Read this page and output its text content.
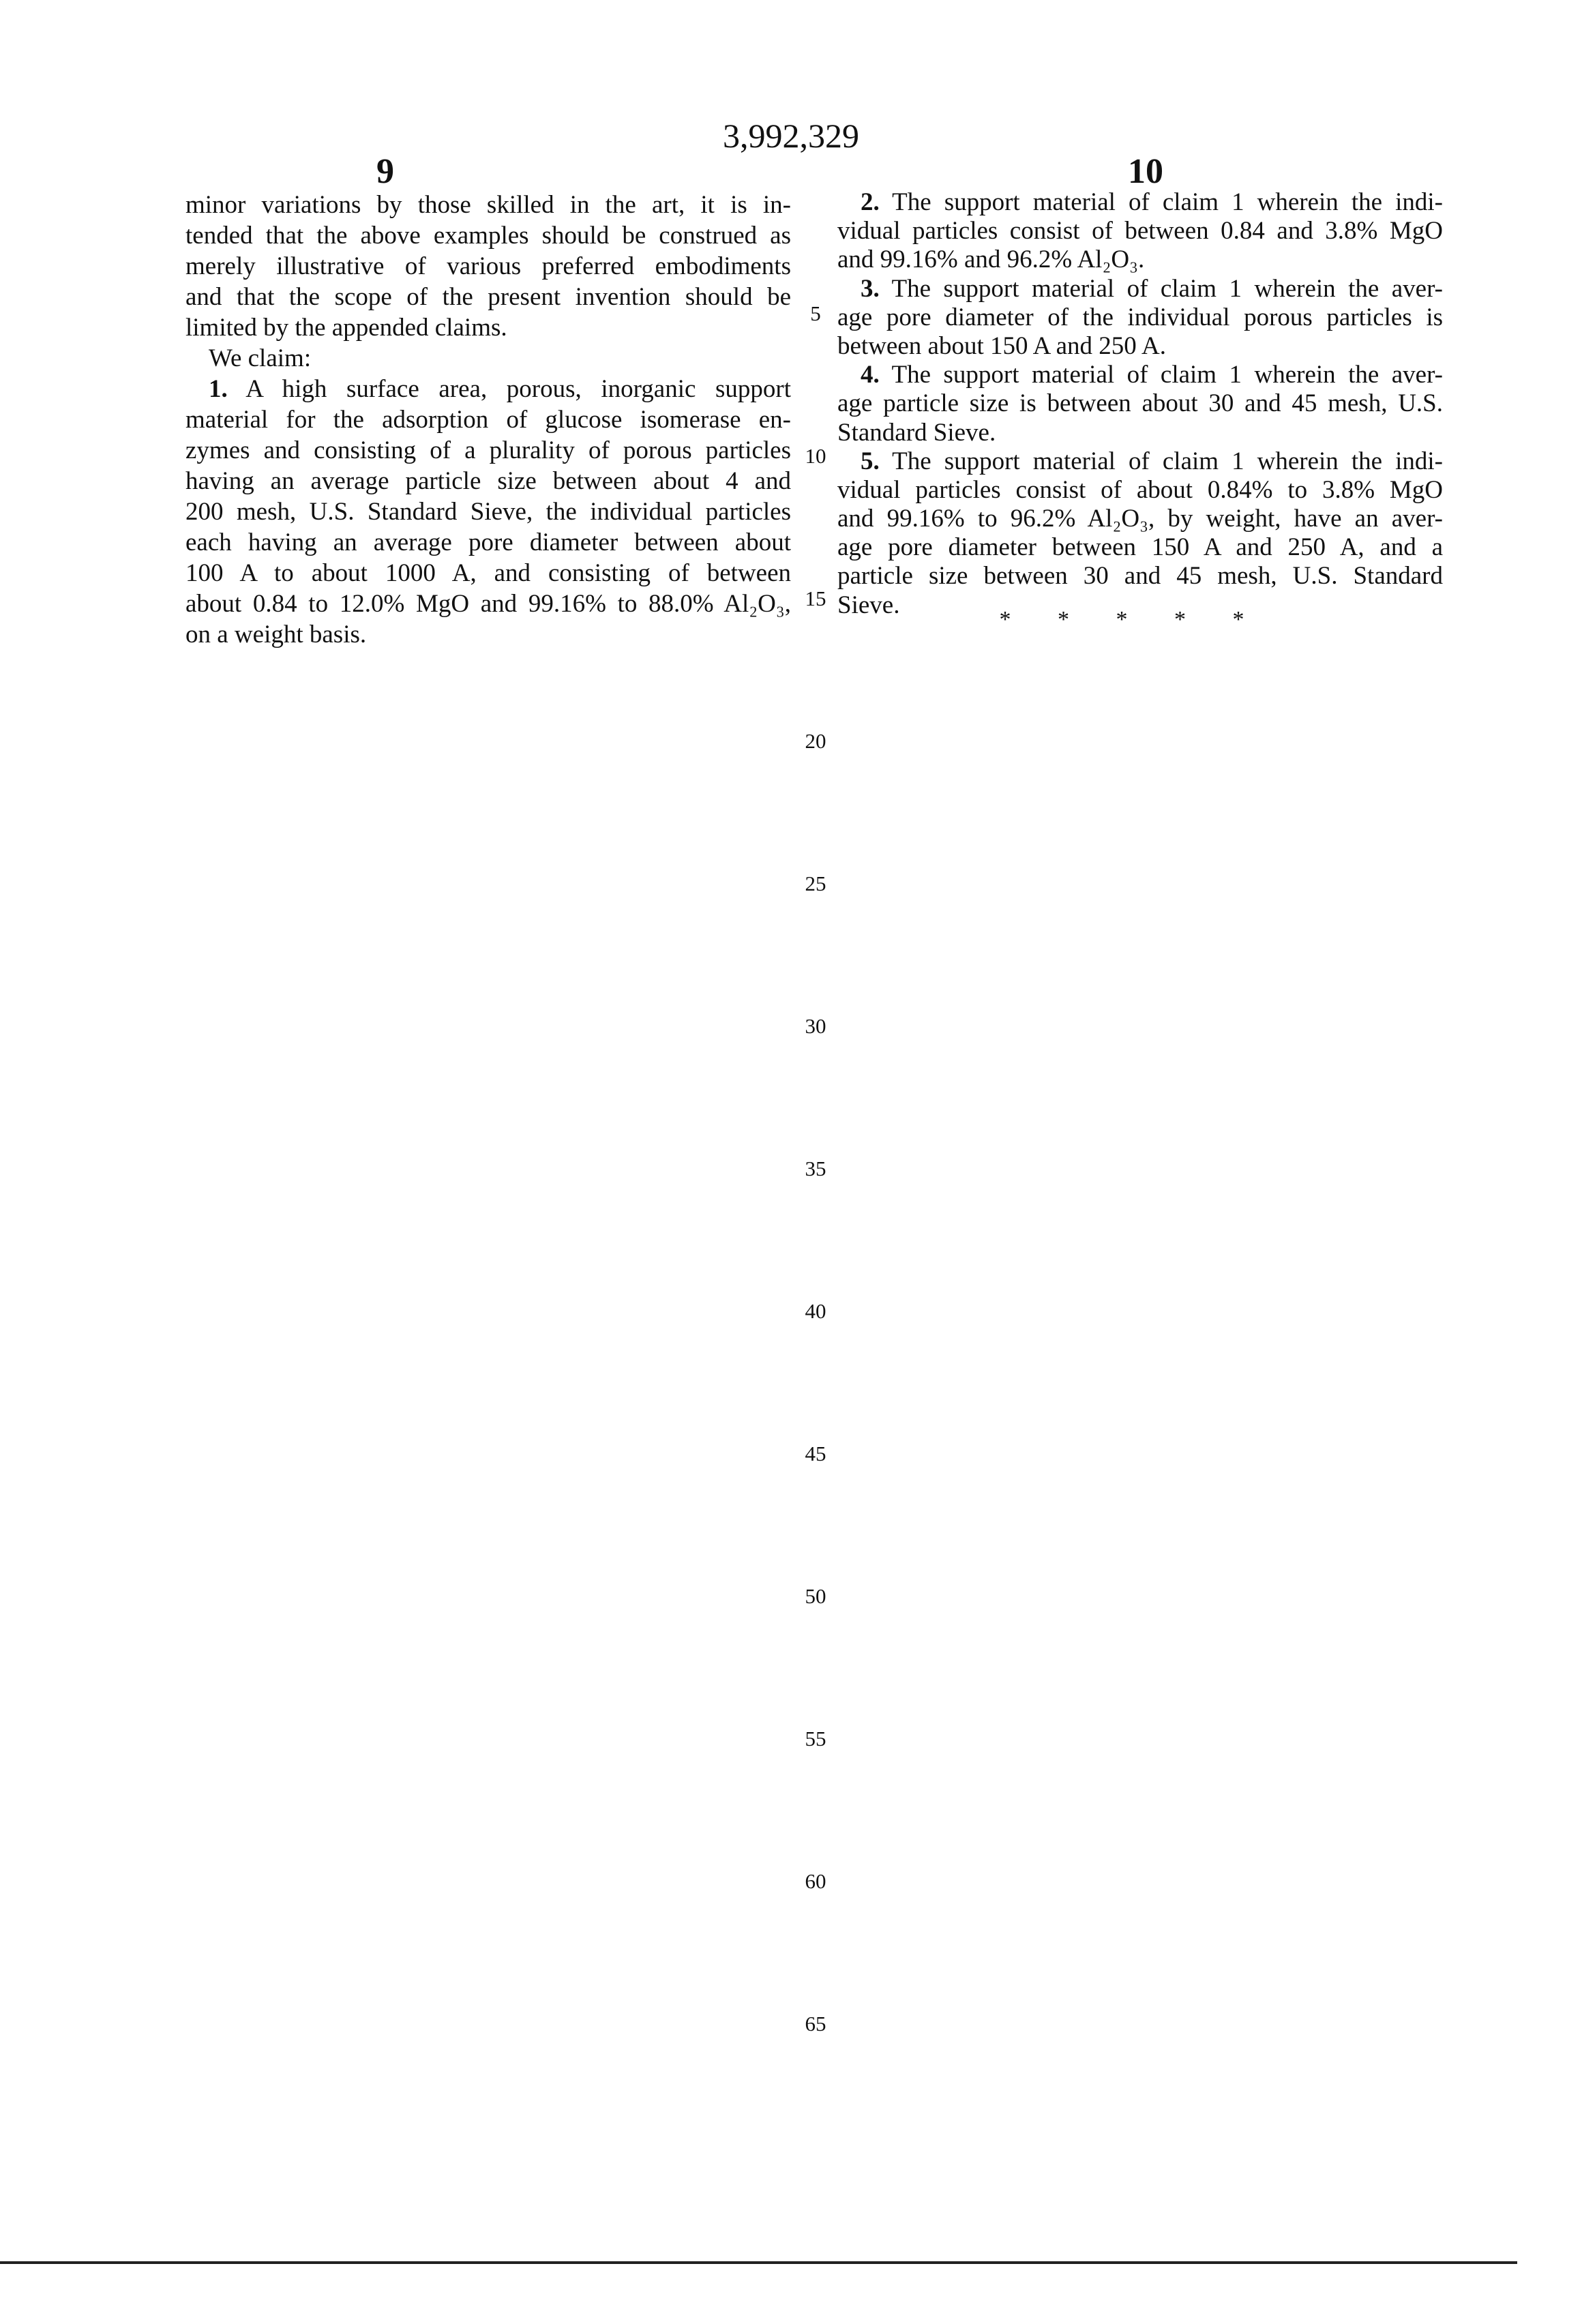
3,992,329
9	10
minor variations by those skilled in the art, it is in-
tended that the above examples should be construed as
merely illustrative of various preferred embodiments
and that the scope of the present invention should be
limited by the appended claims.
We claim:
1. A high surface area, porous, inorganic support
material for the adsorption of glucose isomerase en-
zymes and consisting of a plurality of porous particles
having an average particle size between about 4 and
200 mesh, U.S. Standard Sieve, the individual particles
each having an average pore diameter between about
100 A to about 1000 A, and consisting of between
about 0.84 to 12.0% MgO and 99.16% to 88.0% Al₂O₃,
on a weight basis.
2. The support material of claim 1 wherein the indi-
vidual particles consist of between 0.84 and 3.8% MgO
and 99.16% and 96.2% Al₂O₃.
3. The support material of claim 1 wherein the aver-
age pore diameter of the individual porous particles is
between about 150 A and 250 A.
4. The support material of claim 1 wherein the aver-
age particle size is between about 30 and 45 mesh, U.S.
Standard Sieve.
5. The support material of claim 1 wherein the indi-
vidual particles consist of about 0.84% to 3.8% MgO
and 99.16% to 96.2% Al₂O₃, by weight, have an aver-
age pore diameter between 150 A and 250 A, and a
particle size between 30 and 45 mesh, U.S. Standard
Sieve.
5
10
15
20
25
30
35
40
45
50
55
60
65
* * * * *
